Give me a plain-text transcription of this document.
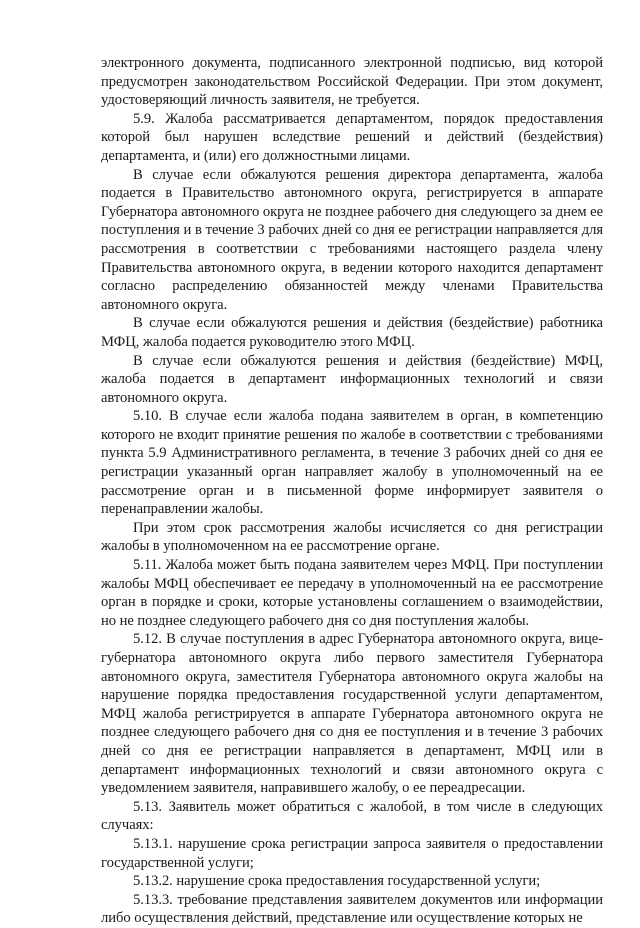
электронного документа, подписанного электронной подписью, вид которой предусмотрен законодательством Российской Федерации. При этом документ, удостоверяющий личность заявителя, не требуется.

5.9. Жалоба рассматривается департаментом, порядок предоставления которой был нарушен вследствие решений и действий (бездействия) департамента, и (или) его должностными лицами.

В случае если обжалуются решения директора департамента, жалоба подается в Правительство автономного округа, регистрируется в аппарате Губернатора автономного округа не позднее рабочего дня следующего за днем ее поступления и в течение 3 рабочих дней со дня ее регистрации направляется для рассмотрения в соответствии с требованиями настоящего раздела члену Правительства автономного округа, в ведении которого находится департамент согласно распределению обязанностей между членами Правительства автономного округа.

В случае если обжалуются решения и действия (бездействие) работника МФЦ, жалоба подается руководителю этого МФЦ.

В случае если обжалуются решения и действия (бездействие) МФЦ, жалоба подается в департамент информационных технологий и связи автономного округа.

5.10. В случае если жалоба подана заявителем в орган, в компетенцию которого не входит принятие решения по жалобе в соответствии с требованиями пункта 5.9 Административного регламента, в течение 3 рабочих дней со дня ее регистрации указанный орган направляет жалобу в уполномоченный на ее рассмотрение орган и в письменной форме информирует заявителя о перенаправлении жалобы.

При этом срок рассмотрения жалобы исчисляется со дня регистрации жалобы в уполномоченном на ее рассмотрение органе.

5.11. Жалоба может быть подана заявителем через МФЦ. При поступлении жалобы МФЦ обеспечивает ее передачу в уполномоченный на ее рассмотрение орган в порядке и сроки, которые установлены соглашением о взаимодействии, но не позднее следующего рабочего дня со дня поступления жалобы.

5.12. В случае поступления в адрес Губернатора автономного округа, вице-губернатора автономного округа либо первого заместителя Губернатора автономного округа, заместителя Губернатора автономного округа жалобы на нарушение порядка предоставления государственной услуги департаментом, МФЦ жалоба регистрируется в аппарате Губернатора автономного округа не позднее следующего рабочего дня со дня ее поступления и в течение 3 рабочих дней со дня ее регистрации направляется в департамент, МФЦ или в департамент информационных технологий и связи автономного округа с уведомлением заявителя, направившего жалобу, о ее переадресации.

5.13. Заявитель может обратиться с жалобой, в том числе в следующих случаях:

5.13.1. нарушение срока регистрации запроса заявителя о предоставлении государственной услуги;

5.13.2. нарушение срока предоставления государственной услуги;

5.13.3. требование представления заявителем документов или информации либо осуществления действий, представление или осуществление которых не
